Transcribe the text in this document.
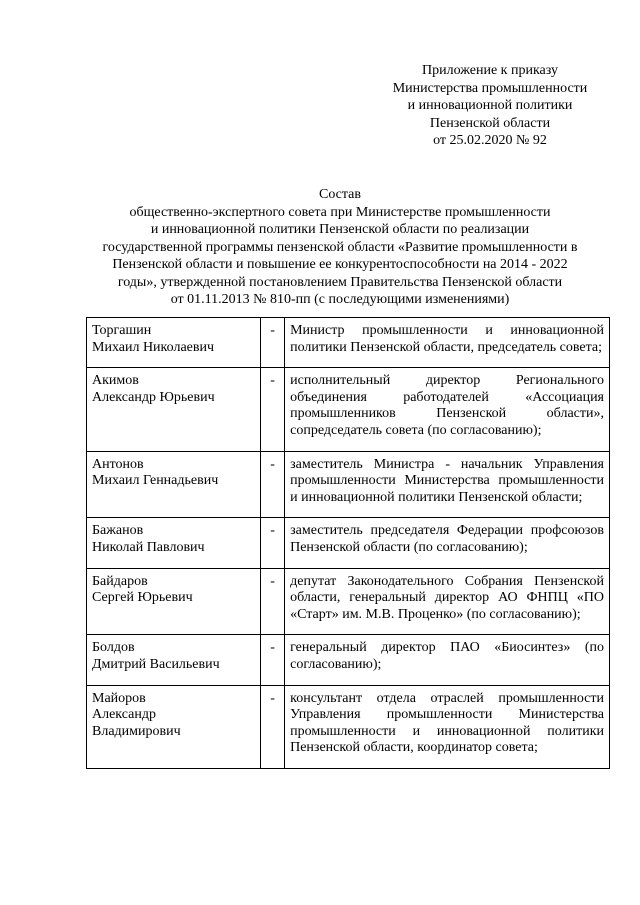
Приложение к приказу
Министерства промышленности
и инновационной политики
Пензенской области
от 25.02.2020 № 92
Состав
общественно-экспертного совета при Министерстве промышленности
и инновационной политики Пензенской области по реализации
государственной программы пензенской области «Развитие промышленности в
Пензенской области и повышение ее конкурентоспособности на 2014 - 2022
годы», утвержденной постановлением Правительства Пензенской области
от 01.11.2013 № 810-пп (с последующими изменениями)
Торгашин
Михаил Николаевич	-	Министр промышленности и инновационной политики Пензенской области, председатель совета;

Акимов
Александр Юрьевич	-	исполнительный директор Регионального объединения работодателей «Ассоциация промышленников Пензенской области», сопредседатель совета (по согласованию);

Антонов
Михаил Геннадьевич	-	заместитель Министра - начальник Управления промышленности Министерства промышленности и инновационной политики Пензенской области;

Бажанов
Николай Павлович	-	заместитель председателя Федерации профсоюзов Пензенской области (по согласованию);

Байдаров
Сергей Юрьевич	-	депутат Законодательного Собрания Пензенской области, генеральный директор АО ФНПЦ «ПО «Старт» им. М.В. Проценко» (по согласованию);

Болдов
Дмитрий Васильевич	-	генеральный директор ПАО «Биосинтез» (по согласованию);

Майоров
Александр
Владимирович	-	консультант отдела отраслей промышленности Управления промышленности Министерства промышленности и инновационной политики Пензенской области, координатор совета;
